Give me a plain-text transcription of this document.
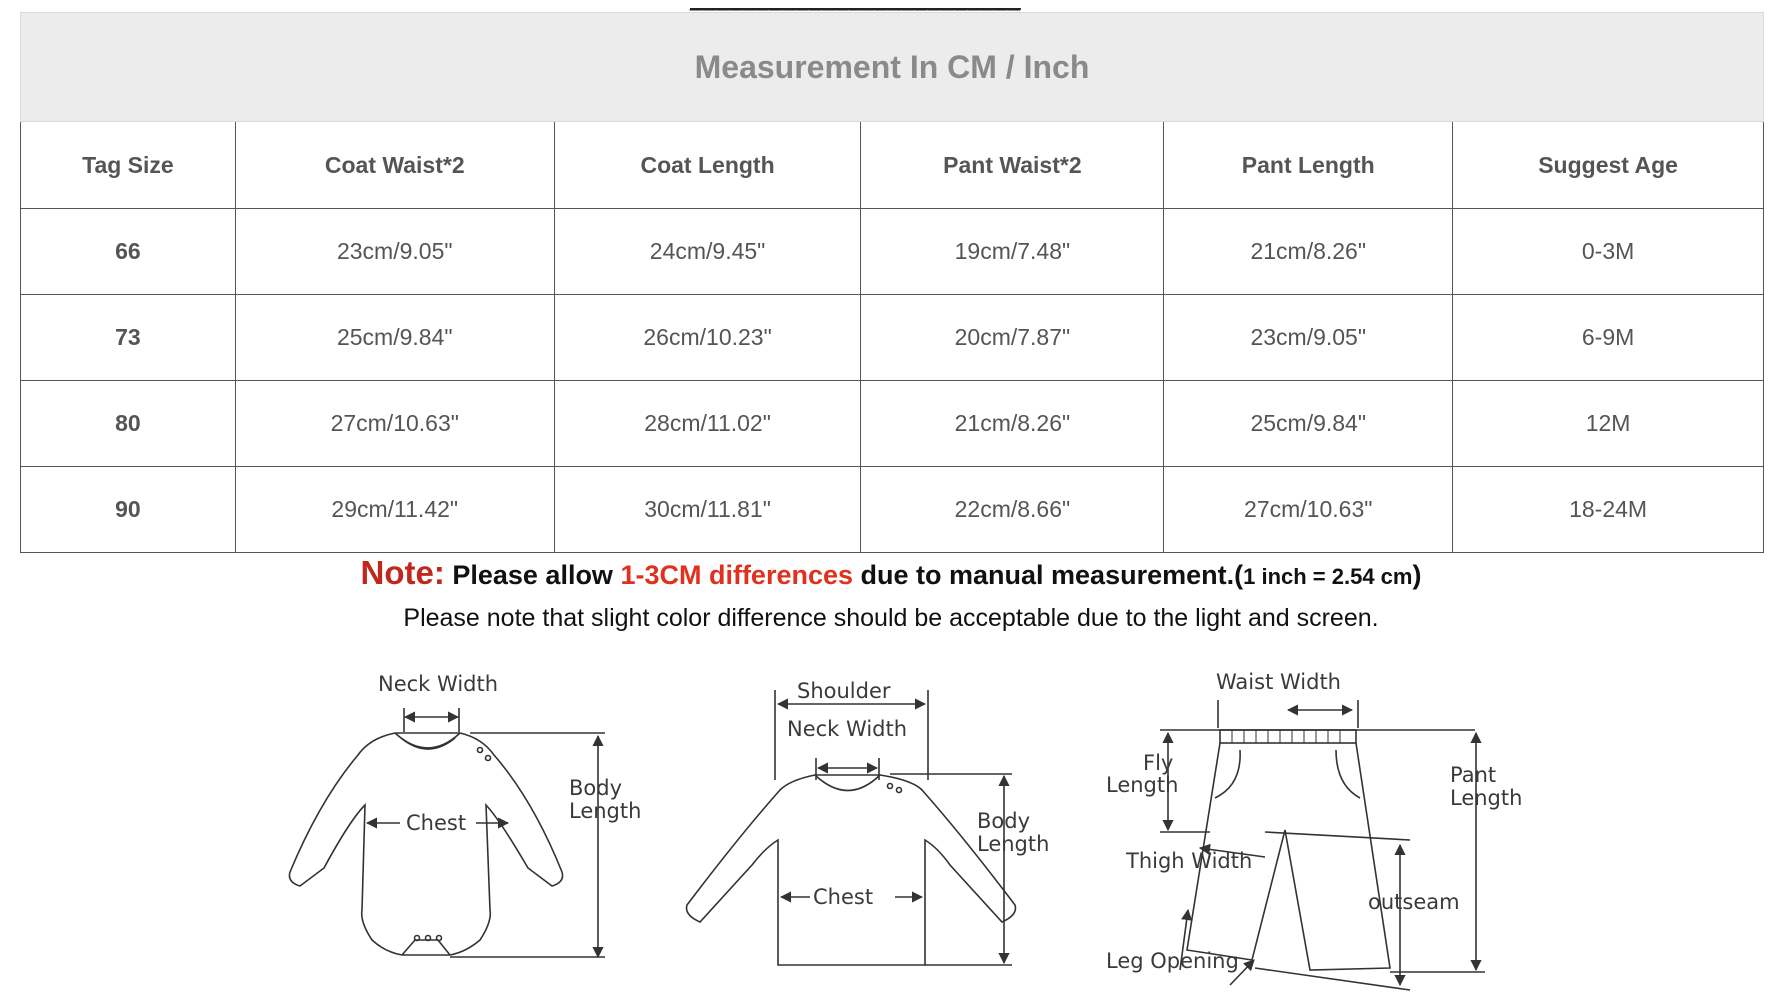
Measurement In CM / Inch					
Tag Size	Coat Waist*2	Coat Length	Pant Waist*2	Pant Length	Suggest Age
66	23cm/9.05"	24cm/9.45"	19cm/7.48"	21cm/8.26"	0-3M
73	25cm/9.84"	26cm/10.23"	20cm/7.87"	23cm/9.05"	6-9M
80	27cm/10.63"	28cm/11.02"	21cm/8.26"	25cm/9.84"	12M
90	29cm/11.42"	30cm/11.81"	22cm/8.66"	27cm/10.63"	18-24M
Note: Please allow 1-3CM differences due to manual measurement.(1 inch = 2.54 cm)
Please note that slight color difference should be acceptable due to the light and screen.
Neck Width
Chest
Body
Length
Shoulder
Neck Width
Chest
Body
Length
Waist Width
Fly
Length	Pant
Length
Thigh Width
outseam
Leg Opening
